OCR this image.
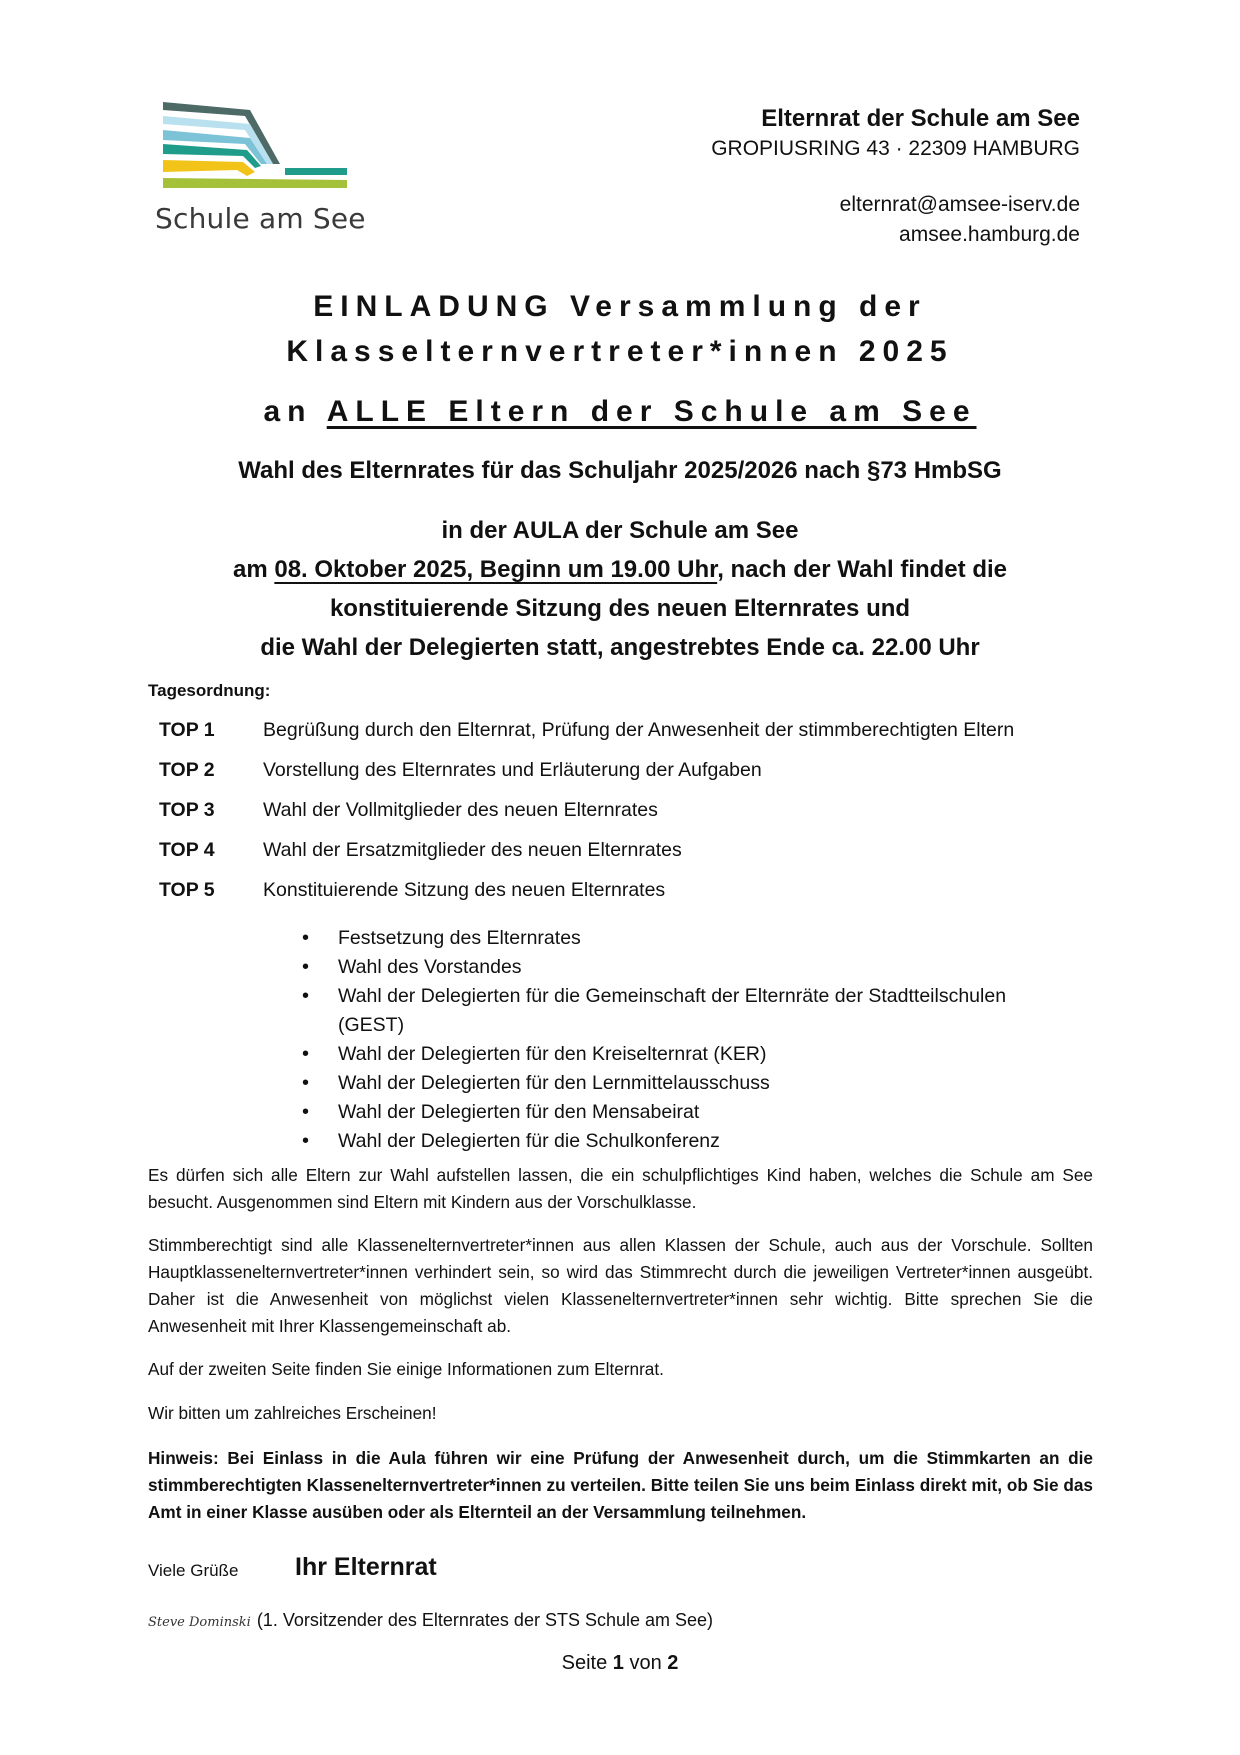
Schule am See
Elternrat der Schule am See
GROPIUSRING 43 · 22309 HAMBURG
elternrat@amsee-iserv.de
amsee.hamburg.de
EINLADUNG Versammlung der
Klasselternvertreter*innen 2025
an ALLE Eltern der Schule am See
Wahl des Elternrates für das Schuljahr 2025/2026 nach §73 HmbSG
in der AULA der Schule am See
am 08. Oktober 2025, Beginn um 19.00 Uhr, nach der Wahl findet die
konstituierende Sitzung des neuen Elternrates und
die Wahl der Delegierten statt, angestrebtes Ende ca. 22.00 Uhr
Tagesordnung:
TOP 1 Begrüßung durch den Elternrat, Prüfung der Anwesenheit der stimmberechtigten Eltern
TOP 2 Vorstellung des Elternrates und Erläuterung der Aufgaben
TOP 3 Wahl der Vollmitglieder des neuen Elternrates
TOP 4 Wahl der Ersatzmitglieder des neuen Elternrates
TOP 5 Konstituierende Sitzung des neuen Elternrates
• Festsetzung des Elternrates
• Wahl des Vorstandes
• Wahl der Delegierten für die Gemeinschaft der Elternräte der Stadtteilschulen (GEST)
• Wahl der Delegierten für den Kreiselternrat (KER)
• Wahl der Delegierten für den Lernmittelausschuss
• Wahl der Delegierten für den Mensabeirat
• Wahl der Delegierten für die Schulkonferenz
Es dürfen sich alle Eltern zur Wahl aufstellen lassen, die ein schulpflichtiges Kind haben, welches die Schule am See besucht. Ausgenommen sind Eltern mit Kindern aus der Vorschulklasse.
Stimmberechtigt sind alle Klassenelternvertreter*innen aus allen Klassen der Schule, auch aus der Vorschule. Sollten Hauptklassenelternvertreter*innen verhindert sein, so wird das Stimmrecht durch die jeweiligen Vertreter*innen ausgeübt. Daher ist die Anwesenheit von möglichst vielen Klassenelternvertreter*innen sehr wichtig. Bitte sprechen Sie die Anwesenheit mit Ihrer Klassengemeinschaft ab.
Auf der zweiten Seite finden Sie einige Informationen zum Elternrat.
Wir bitten um zahlreiches Erscheinen!
Hinweis: Bei Einlass in die Aula führen wir eine Prüfung der Anwesenheit durch, um die Stimmkarten an die stimmberechtigten Klassenelternvertreter*innen zu verteilen. Bitte teilen Sie uns beim Einlass direkt mit, ob Sie das Amt in einer Klasse ausüben oder als Elternteil an der Versammlung teilnehmen.
Viele Grüße Ihr Elternrat
Steve Dominski (1. Vorsitzender des Elternrates der STS Schule am See)
Seite 1 von 2
